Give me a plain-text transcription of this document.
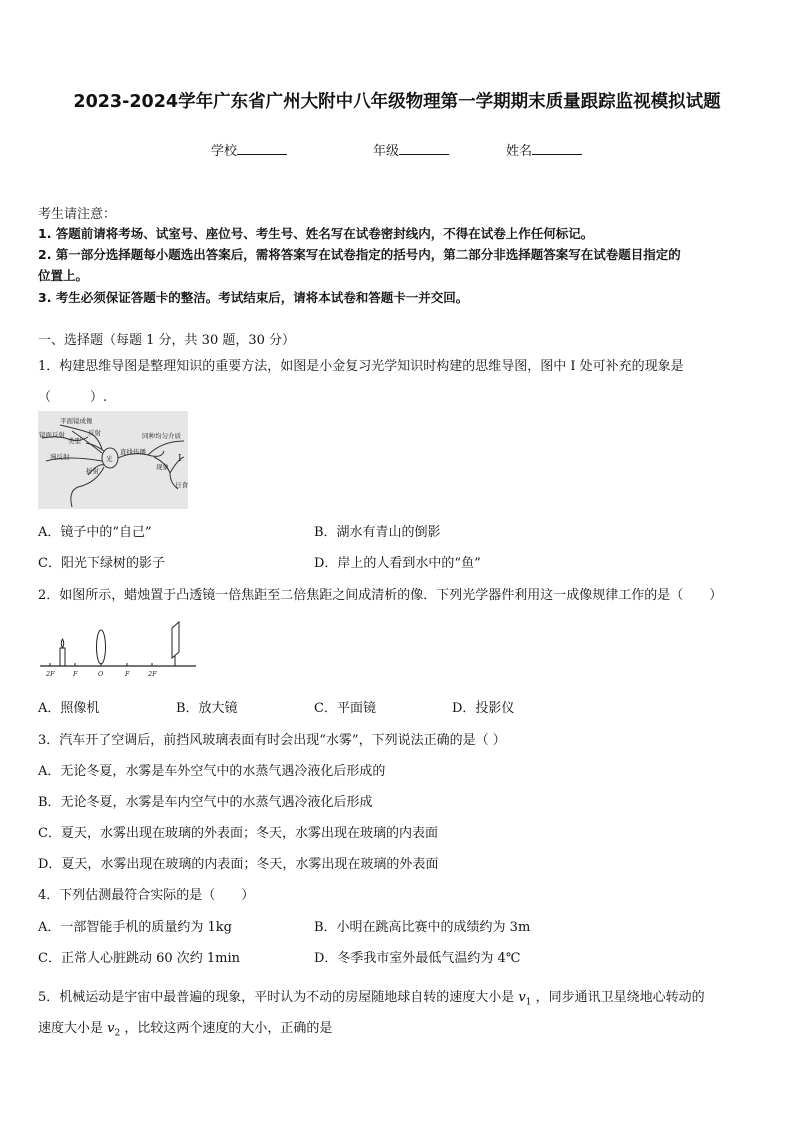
2023-2024学年广东省广州大附中八年级物理第一学期期末质量跟踪监视模拟试题
学校	年级	姓名
考生请注意：
1. 答题前请将考场、试室号、座位号、考生号、姓名写在试卷密封线内，不得在试卷上作任何标记。
2. 第一部分选择题每小题选出答案后，需将答案写在试卷指定的括号内，第二部分非选择题答案写在试卷题目指定的
位置上。
3. 考生必须保证答题卡的整洁。考试结束后，请将本试卷和答题卡一并交回。
一、选择题（每题 1 分，共 30 题，30 分）
1．构建思维导图是整理知识的重要方法，如图是小金复习光学知识时构建的思维导图，图中 I 处可补充的现象是
（　　　）.
平面镜成像
镜面反射	反射
类型
漫反射	光
折射
直线传播
同种均匀介质
现象
I
日食
A．镜子中的“自己”	B．湖水有青山的倒影
C．阳光下绿树的影子	D．岸上的人看到水中的“鱼”
2．如图所示，蜡烛置于凸透镜一倍焦距至二倍焦距之间成清析的像．下列光学器件利用这一成像规律工作的是（　　）
2F	F	O	F	2F
A．照像机	B．放大镜	C．平面镜	D．投影仪
3．汽车开了空调后，前挡风玻璃表面有时会出现“水雾”，下列说法正确的是（ ）
A．无论冬夏，水雾是车外空气中的水蒸气遇冷液化后形成的
B．无论冬夏，水雾是车内空气中的水蒸气遇冷液化后形成
C．夏天，水雾出现在玻璃的外表面；冬天，水雾出现在玻璃的内表面
D．夏天，水雾出现在玻璃的内表面；冬天，水雾出现在玻璃的外表面
4．下列估测最符合实际的是（　　）
A．一部智能手机的质量约为 1kg	B．小明在跳高比赛中的成绩约为 3m
C．正常人心脏跳动 60 次约 1min	D．冬季我市室外最低气温约为 4℃
5．机械运动是宇宙中最普遍的现象，平时认为不动的房屋随地球自转的速度大小是 $v_1$ ，同步通讯卫星绕地心转动的
速度大小是 $v_2$ ，比较这两个速度的大小，正确的是
